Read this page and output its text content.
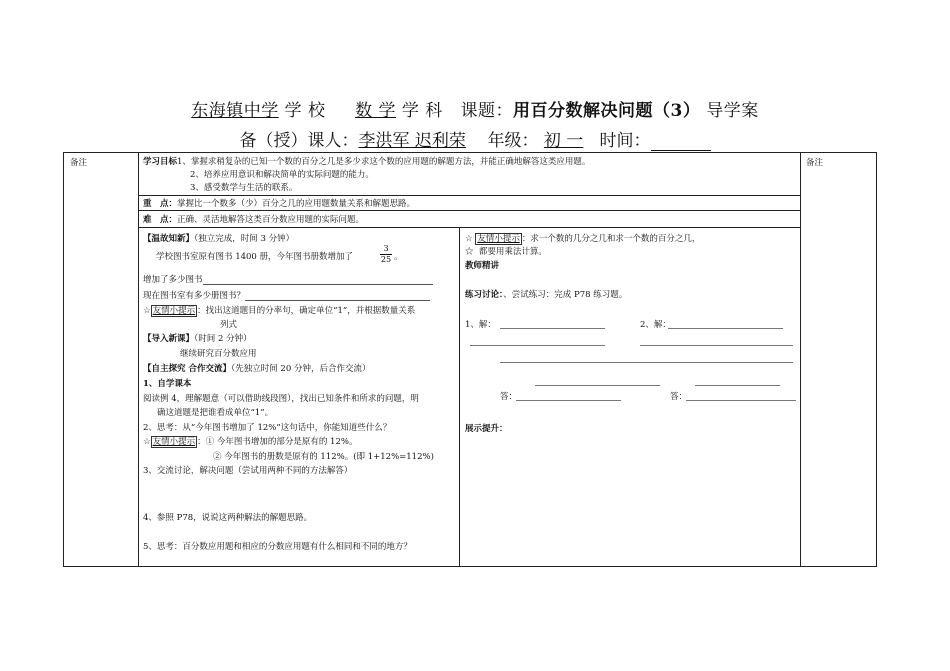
东海镇中学 学 校     数 学 学 科   课题：用百分数解决问题（3） 导学案
备（授）课人：李洪军 迟利荣 年级： 初 一 时间：
备注	备注
学习目标1、掌握求稍复杂的已知一个数的百分之几是多少求这个数的应用题的解题方法，并能正确地解答这类应用题。
2、培养应用意识和解决简单的实际问题的能力。
3、感受数学与生活的联系。
重　点：掌握比一个数多（少）百分之几的应用题数量关系和解题思路。
难　点：正确、灵活地解答这类百分数应用题的实际问题。
【温故知新】（独立完成，时间 3 分钟）
学校图书室原有图书 1400 册，今年图书册数增加了	$\frac{3}{25}$ 。
增加了多少图书
现在图书室有多少册图书？
☆ 友情小提示 ：找出这道题目的分率句，确定单位“1”，并根据数量关系
列式
【导入新课】（时间 2 分钟）
继续研究百分数应用
【自主探究 合作交流】（先独立时间 20 分钟，后合作交流）
1、自学课本
阅读例 4，理解题意（可以借助线段图），找出已知条件和所求的问题，明
确这道题是把谁看成单位“1”。
2、思考：从“今年图书增加了 12%”这句话中，你能知道些什么？
☆ 友情小提示 ：① 今年图书增加的部分是原有的 12%。
② 今年图书的册数是原有的 112%。(即 1+12%=112%)
3、交流讨论，解决问题（尝试用两种不同的方法解答）
4、参照 P78，说说这两种解法的解题思路。
5、思考：百分数应用题和相应的分数应用题有什么相同和不同的地方？
☆ 友情小提示 ：求一个数的几分之几和求一个数的百分之几，
☆ 都要用乘法计算。
教师精讲
练习讨论：、尝试练习：完成 P78 练习题。
1、解：	2、解：
答：	答：
展示提升：
